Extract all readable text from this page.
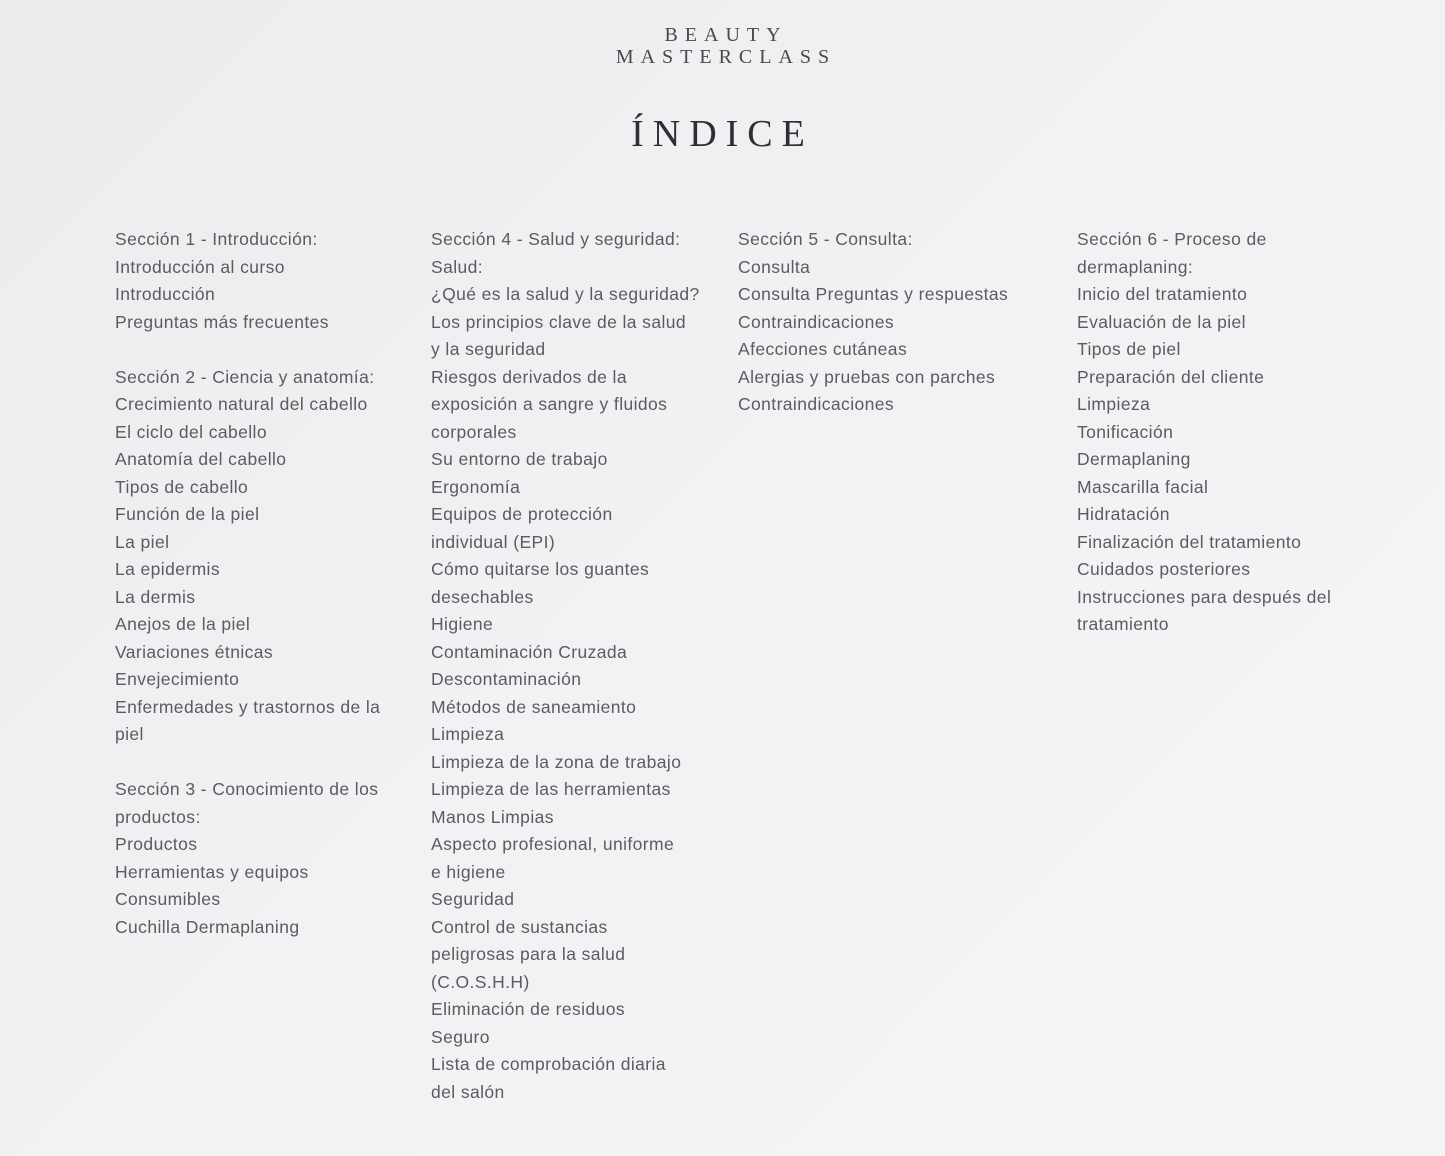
BEAUTY
MASTERCLASS
ÍNDICE
Sección 1 - Introducción:
Introducción al curso
Introducción
Preguntas más frecuentes
Sección 2 - Ciencia y anatomía:
Crecimiento natural del cabello
El ciclo del cabello
Anatomía del cabello
Tipos de cabello
Función de la piel
La piel
La epidermis
La dermis
Anejos de la piel
Variaciones étnicas
Envejecimiento
Enfermedades y trastornos de la
piel
Sección 3 - Conocimiento de los
productos:
Productos
Herramientas y equipos
Consumibles
Cuchilla Dermaplaning
Sección 4 - Salud y seguridad:
Salud:
¿Qué es la salud y la seguridad?
Los principios clave de la salud
y la seguridad
Riesgos derivados de la
exposición a sangre y fluidos
corporales
Su entorno de trabajo
Ergonomía
Equipos de protección
individual (EPI)
Cómo quitarse los guantes
desechables
Higiene
Contaminación Cruzada
Descontaminación
Métodos de saneamiento
Limpieza
Limpieza de la zona de trabajo
Limpieza de las herramientas
Manos Limpias
Aspecto profesional, uniforme
e higiene
Seguridad
Control de sustancias
peligrosas para la salud
(C.O.S.H.H)
Eliminación de residuos
Seguro
Lista de comprobación diaria
del salón
Sección 5 - Consulta:
Consulta
Consulta Preguntas y respuestas
Contraindicaciones
Afecciones cutáneas
Alergias y pruebas con parches
Contraindicaciones
Sección 6 - Proceso de
dermaplaning:
Inicio del tratamiento
Evaluación de la piel
Tipos de piel
Preparación del cliente
Limpieza
Tonificación
Dermaplaning
Mascarilla facial
Hidratación
Finalización del tratamiento
Cuidados posteriores
Instrucciones para después del
tratamiento
